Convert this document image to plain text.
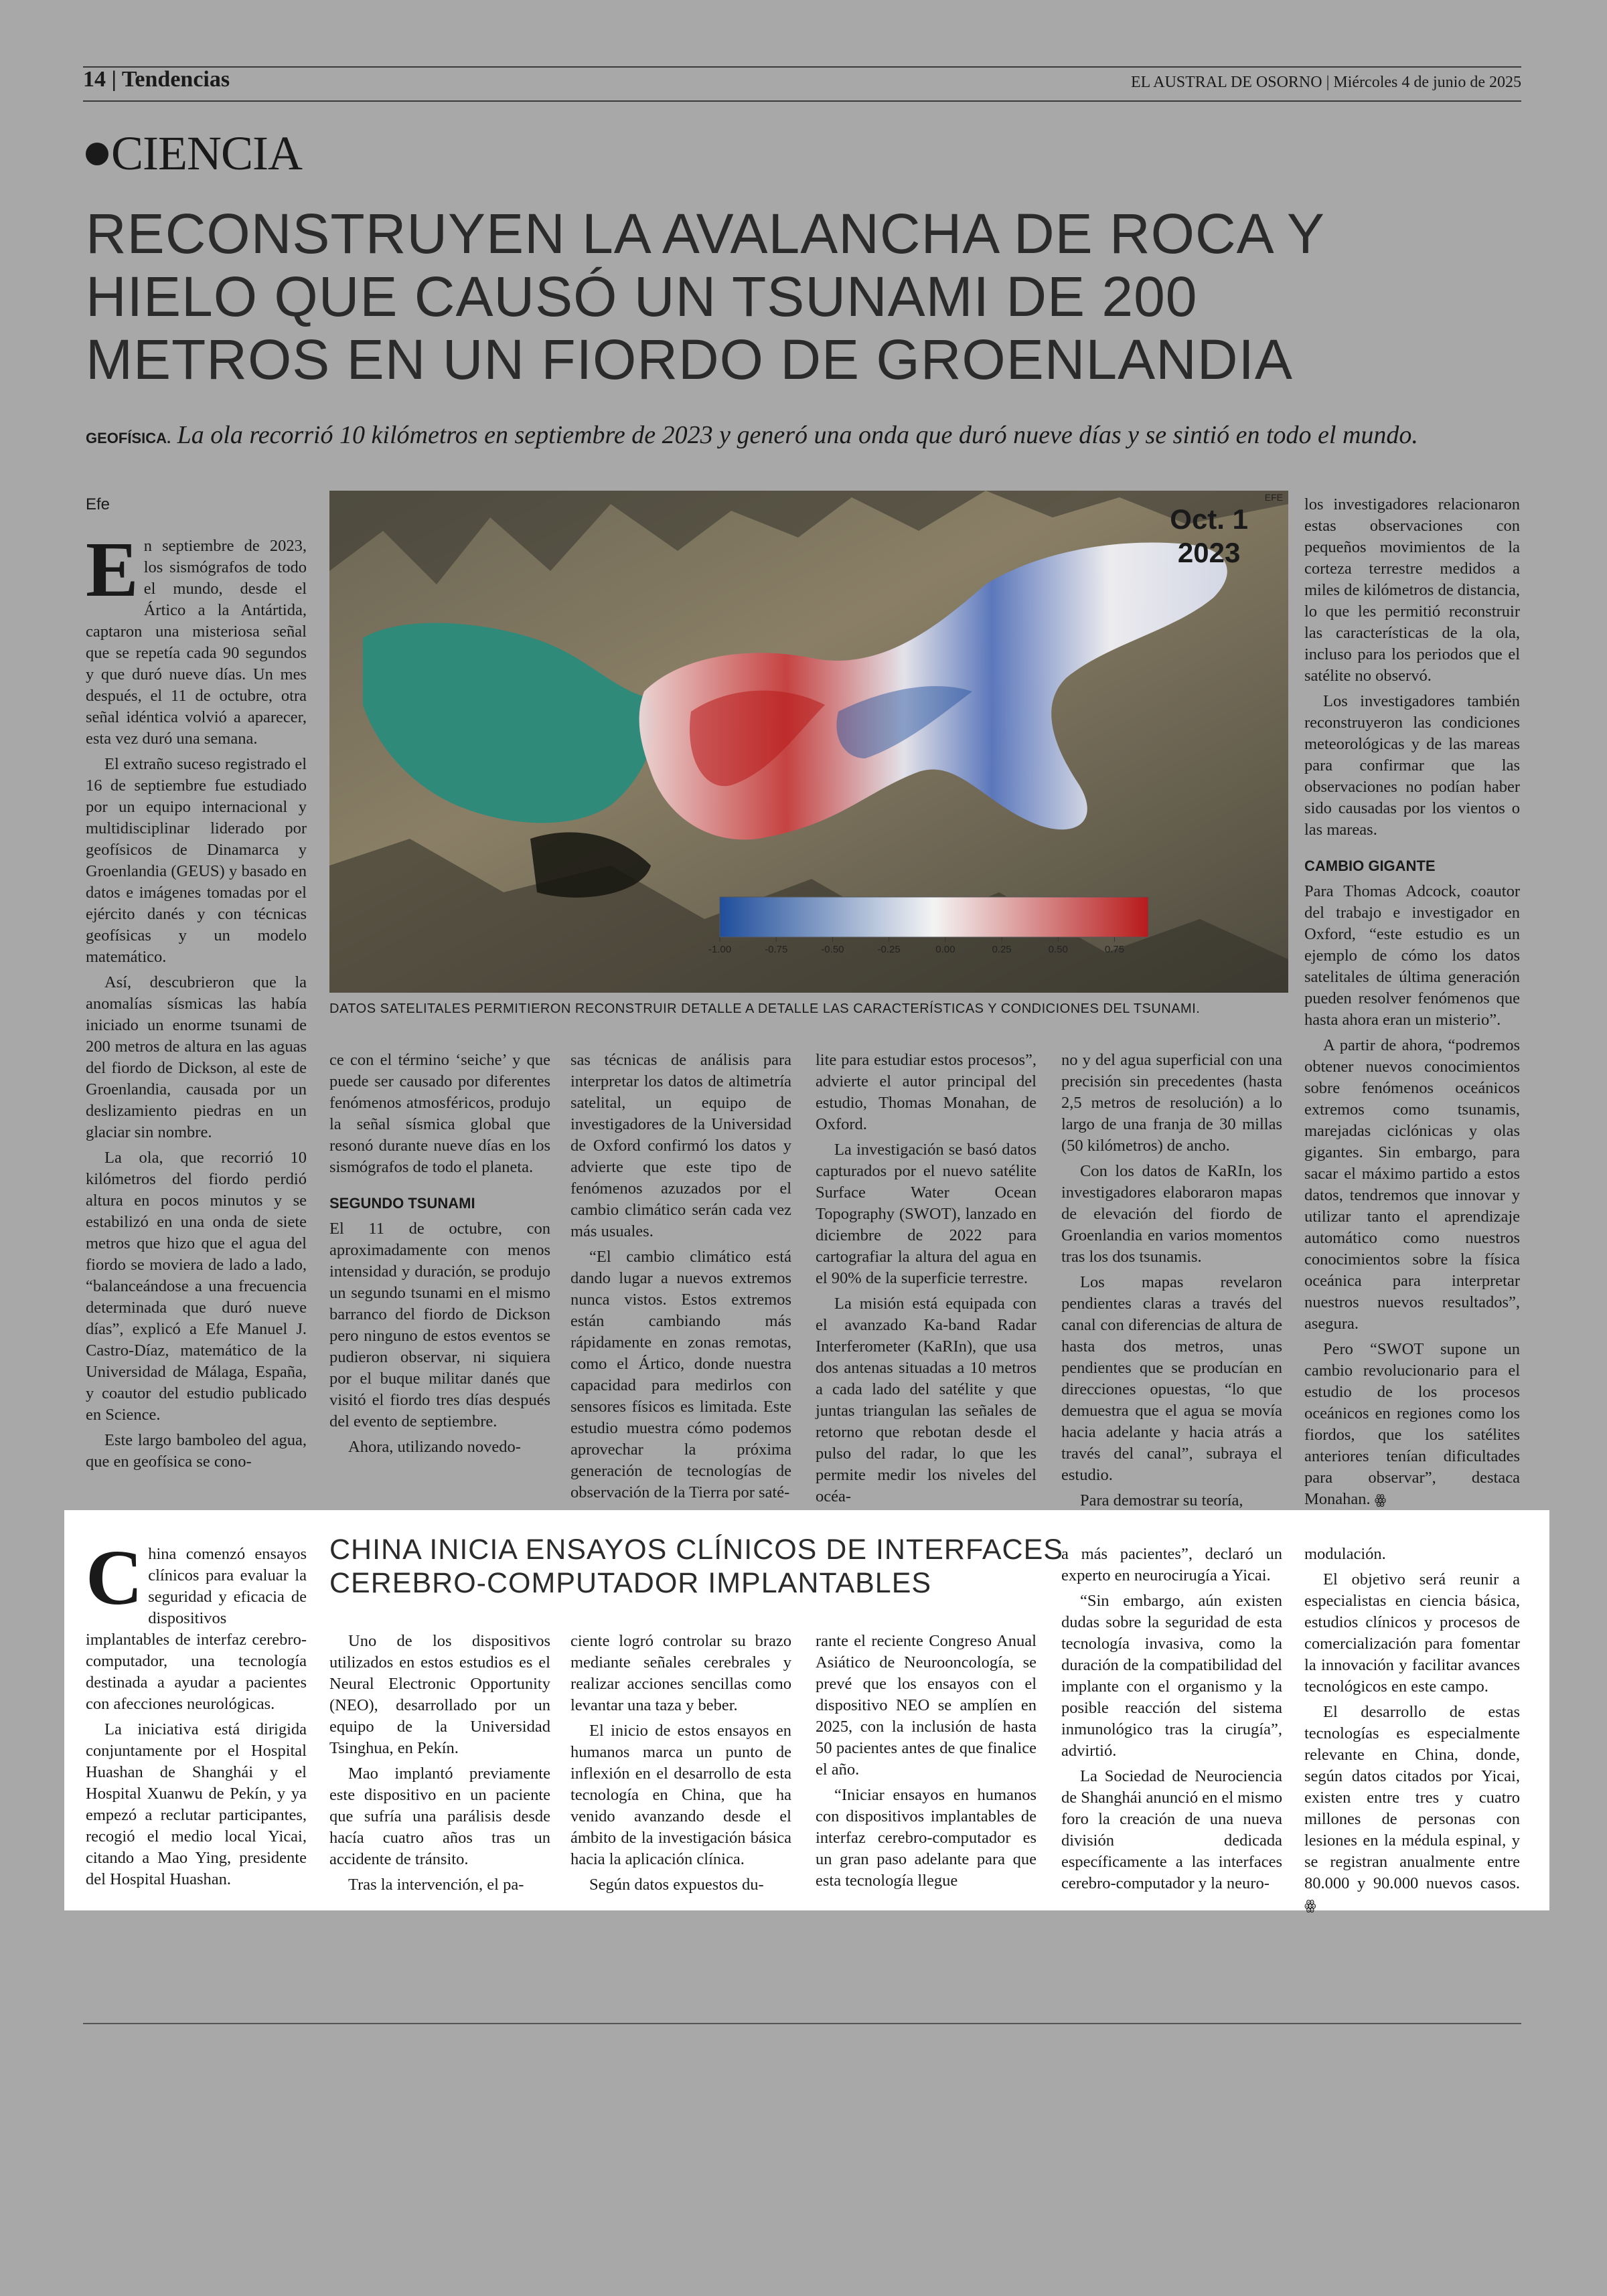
14 | Tendencias	EL AUSTRAL DE OSORNO | Miércoles 4 de junio de 2025
CIENCIA
RECONSTRUYEN LA AVALANCHA DE ROCA Y
HIELO QUE CAUSÓ UN TSUNAMI DE 200
METROS EN UN FIORDO DE GROENLANDIA
GEOFÍSICA. La ola recorrió 10 kilómetros en septiembre de 2023 y generó una onda que duró nueve días y se sintió en todo el mundo.

Efe

En septiembre de 2023, los sismógrafos de todo el mundo, desde el Ártico a la Antártida, captaron una misteriosa señal que se repetía cada 90 segundos y que duró nueve días. Un mes después, el 11 de octubre, otra señal idéntica volvió a aparecer, esta vez duró una semana.

El extraño suceso registrado el 16 de septiembre fue estudiado por un equipo internacional y multidisciplinar liderado por geofísicos de Dinamarca y Groenlandia (GEUS) y basado en datos e imágenes tomadas por el ejército danés y con técnicas geofísicas y un modelo matemático.

Así, descubrieron que la anomalías sísmicas las había iniciado un enorme tsunami de 200 metros de altura en las aguas del fiordo de Dickson, al este de Groenlandia, causada por un deslizamiento piedras en un glaciar sin nombre.

La ola, que recorrió 10 kilómetros del fiordo perdió altura en pocos minutos y se estabilizó en una onda de siete metros que hizo que el agua del fiordo se moviera de lado a lado, “balanceándose a una frecuencia determinada que duró nueve días”, explicó a Efe Manuel J. Castro-Díaz, matemático de la Universidad de Málaga, España, y coautor del estudio publicado en Science.

Este largo bamboleo del agua, que en geofísica se cono-

-1.00	-0.75	-0.50	-0.25	0.00	0.25	0.50	0.75
EFE
Oct. 1
2023
DATOS SATELITALES PERMITIERON RECONSTRUIR DETALLE A DETALLE LAS CARACTERÍSTICAS Y CONDICIONES DEL TSUNAMI.

ce con el término ‘seiche’ y que puede ser causado por diferentes fenómenos atmosféricos, produjo la señal sísmica global que resonó durante nueve días en los sismógrafos de todo el planeta.

SEGUNDO TSUNAMI

El 11 de octubre, con aproximadamente con menos intensidad y duración, se produjo un segundo tsunami en el mismo barranco del fiordo de Dickson pero ninguno de estos eventos se pudieron observar, ni siquiera por el buque militar danés que visitó el fiordo tres días después del evento de septiembre.

Ahora, utilizando novedo-

sas técnicas de análisis para interpretar los datos de altimetría satelital, un equipo de investigadores de la Universidad de Oxford confirmó los datos y advierte que este tipo de fenómenos azuzados por el cambio climático serán cada vez más usuales.

“El cambio climático está dando lugar a nuevos extremos nunca vistos. Estos extremos están cambiando más rápidamente en zonas remotas, como el Ártico, donde nuestra capacidad para medirlos con sensores físicos es limitada. Este estudio muestra cómo podemos aprovechar la próxima generación de tecnologías de observación de la Tierra por saté-

lite para estudiar estos procesos”, advierte el autor principal del estudio, Thomas Monahan, de Oxford.

La investigación se basó datos capturados por el nuevo satélite Surface Water Ocean Topography (SWOT), lanzado en diciembre de 2022 para cartografiar la altura del agua en el 90% de la superficie terrestre.

La misión está equipada con el avanzado Ka-band Radar Interferometer (KaRIn), que usa dos antenas situadas a 10 metros a cada lado del satélite y que juntas triangulan las señales de retorno que rebotan desde el pulso del radar, lo que les permite medir los niveles del océa-

no y del agua superficial con una precisión sin precedentes (hasta 2,5 metros de resolución) a lo largo de una franja de 30 millas (50 kilómetros) de ancho.

Con los datos de KaRIn, los investigadores elaboraron mapas de elevación del fiordo de Groenlandia en varios momentos tras los dos tsunamis.

Los mapas revelaron pendientes claras a través del canal con diferencias de altura de hasta dos metros, unas pendientes que se producían en direcciones opuestas, “lo que demuestra que el agua se movía hacia adelante y hacia atrás a través del canal”, subraya el estudio.

Para demostrar su teoría,

los investigadores relacionaron estas observaciones con pequeños movimientos de la corteza terrestre medidos a miles de kilómetros de distancia, lo que les permitió reconstruir las características de la ola, incluso para los periodos que el satélite no observó.

Los investigadores también reconstruyeron las condiciones meteorológicas y de las mareas para confirmar que las observaciones no podían haber sido causadas por los vientos o las mareas.

CAMBIO GIGANTE

Para Thomas Adcock, coautor del trabajo e investigador en Oxford, “este estudio es un ejemplo de cómo los datos satelitales de última generación pueden resolver fenómenos que hasta ahora eran un misterio”.

A partir de ahora, “podremos obtener nuevos conocimientos sobre fenómenos oceánicos extremos como tsunamis, marejadas ciclónicas y olas gigantes. Sin embargo, para sacar el máximo partido a estos datos, tendremos que innovar y utilizar tanto el aprendizaje automático como nuestros conocimientos sobre la física oceánica para interpretar nuestros nuevos resultados”, asegura.

Pero “SWOT supone un cambio revolucionario para el estudio de los procesos oceánicos en regiones como los fiordos, que los satélites anteriores tenían dificultades para observar”, destaca Monahan. ꙮ

CHINA INICIA ENSAYOS CLÍNICOS DE INTERFACES
CEREBRO-COMPUTADOR IMPLANTABLES

China comenzó ensayos clínicos para evaluar la seguridad y eficacia de dispositivos implantables de interfaz cerebro-computador, una tecnología destinada a ayudar a pacientes con afecciones neurológicas.

La iniciativa está dirigida conjuntamente por el Hospital Huashan de Shanghái y el Hospital Xuanwu de Pekín, y ya empezó a reclutar participantes, recogió el medio local Yicai, citando a Mao Ying, presidente del Hospital Huashan.

Uno de los dispositivos utilizados en estos estudios es el Neural Electronic Opportunity (NEO), desarrollado por un equipo de la Universidad Tsinghua, en Pekín.

Mao implantó previamente este dispositivo en un paciente que sufría una parálisis desde hacía cuatro años tras un accidente de tránsito.

Tras la intervención, el pa-

ciente logró controlar su brazo mediante señales cerebrales y realizar acciones sencillas como levantar una taza y beber.

El inicio de estos ensayos en humanos marca un punto de inflexión en el desarrollo de esta tecnología en China, que ha venido avanzando desde el ámbito de la investigación básica hacia la aplicación clínica.

Según datos expuestos du-

rante el reciente Congreso Anual Asiático de Neurooncología, se prevé que los ensayos con el dispositivo NEO se amplíen en 2025, con la inclusión de hasta 50 pacientes antes de que finalice el año.

“Iniciar ensayos en humanos con dispositivos implantables de interfaz cerebro-computador es un gran paso adelante para que esta tecnología llegue

a más pacientes”, declaró un experto en neurocirugía a Yicai.

“Sin embargo, aún existen dudas sobre la seguridad de esta tecnología invasiva, como la duración de la compatibilidad del implante con el organismo y la posible reacción del sistema inmunológico tras la cirugía”, advirtió.

La Sociedad de Neurociencia de Shanghái anunció en el mismo foro la creación de una nueva división dedicada específicamente a las interfaces cerebro-computador y la neuro-

modulación.

El objetivo será reunir a especialistas en ciencia básica, estudios clínicos y procesos de comercialización para fomentar la innovación y facilitar avances tecnológicos en este campo.

El desarrollo de estas tecnologías es especialmente relevante en China, donde, según datos citados por Yicai, existen entre tres y cuatro millones de personas con lesiones en la médula espinal, y se registran anualmente entre 80.000 y 90.000 nuevos casos. ꙮ
